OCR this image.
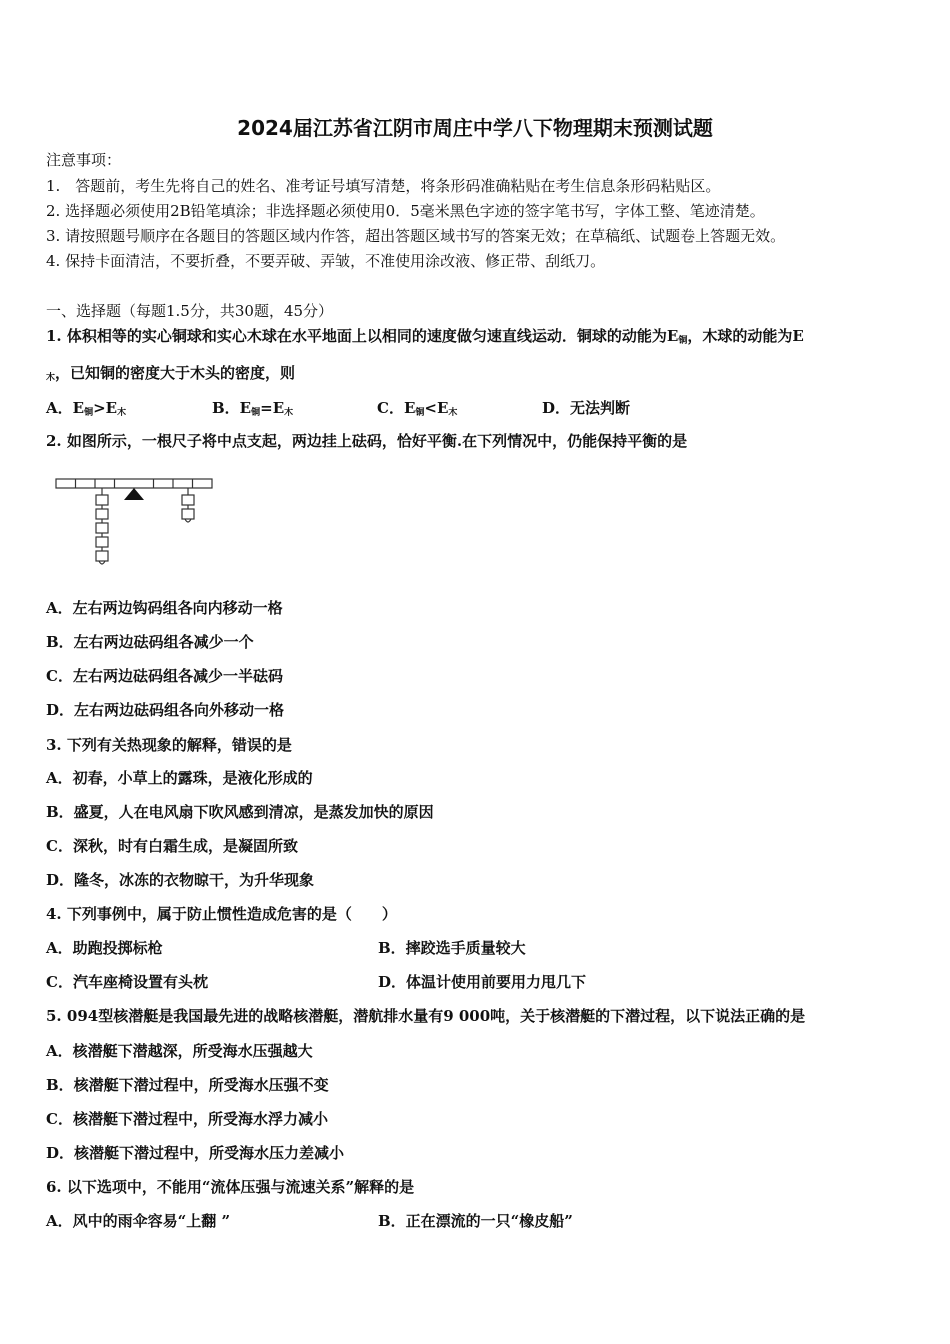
2024届江苏省江阴市周庄中学八下物理期末预测试题
注意事项：
1.　答题前，考生先将自己的姓名、准考证号填写清楚，将条形码准确粘贴在考生信息条形码粘贴区。
2. 选择题必须使用2B铅笔填涂；非选择题必须使用0．5毫米黑色字迹的签字笔书写，字体工整、笔迹清楚。
3. 请按照题号顺序在各题目的答题区域内作答，超出答题区域书写的答案无效；在草稿纸、试题卷上答题无效。
4. 保持卡面清洁，不要折叠，不要弄破、弄皱，不准使用涂改液、修正带、刮纸刀。
一、选择题（每题1.5分，共30题，45分）
1. 体积相等的实心铜球和实心木球在水平地面上以相同的速度做匀速直线运动．铜球的动能为$E_铜$，木球的动能为E
$_木$，已知铜的密度大于木头的密度，则
A．$E_铜>E_木$	B．$E_铜=E_木$	C．$E_铜<E_木$	D．无法判断
2. 如图所示，一根尺子将中点支起，两边挂上砝码，恰好平衡.在下列情况中，仍能保持平衡的是
A．左右两边钩码组各向内移动一格
B．左右两边砝码组各减少一个
C．左右两边砝码组各减少一半砝码
D．左右两边砝码组各向外移动一格
3. 下列有关热现象的解释，错误的是
A．初春，小草上的露珠，是液化形成的
B．盛夏，人在电风扇下吹风感到清凉，是蒸发加快的原因
C．深秋，时有白霜生成，是凝固所致
D．隆冬，冰冻的衣物晾干，为升华现象
4. 下列事例中，属于防止惯性造成危害的是（　　）
A．助跑投掷标枪	B．摔跤选手质量较大
C．汽车座椅设置有头枕	D．体温计使用前要用力甩几下
5. 094型核潜艇是我国最先进的战略核潜艇，潜航排水量有9 000吨，关于核潜艇的下潜过程，以下说法正确的是
A．核潜艇下潜越深，所受海水压强越大
B．核潜艇下潜过程中，所受海水压强不变
C．核潜艇下潜过程中，所受海水浮力减小
D．核潜艇下潜过程中，所受海水压力差减小
6. 以下选项中，不能用“流体压强与流速关系”解释的是
A．风中的雨伞容易“上翻 ”	B．正在漂流的一只“橡皮船”
